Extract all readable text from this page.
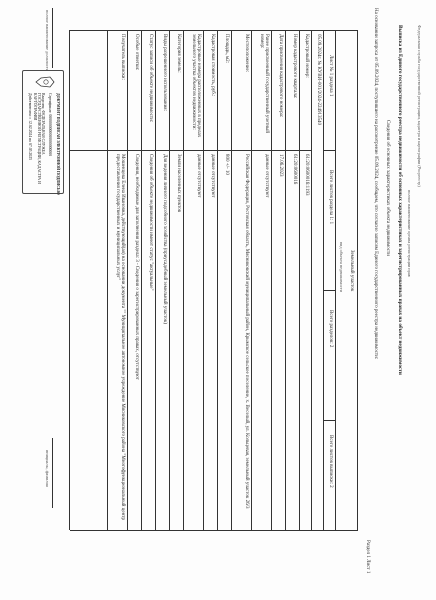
Федеральная служба государственной регистрации, кадастра и картографии (Росреестр)
полное наименование органа регистрации прав
Выписка из Единого государственного реестра недвижимости об основных характеристиках и зарегистрированных правах на объект недвижимости
Сведения об основных характеристиках объекта недвижимости
На основании запроса от 05.09.2024, поступившего на рассмотрение 05.09.2024, сообщаем, что согласно записям Единого государственного реестра недвижимости:
Раздел 1 Лист 1
Земельный участок
вид объекта недвижимости
Лист № 1 раздела 1
Всего листов раздела 1: 1
Всего разделов: 2
Всего листов выписки: 2
05.09.2024г. № КУВИ-001/2024-224913540
Кадастровый номер:
61:20:0600016:1193
полное наименование должности
ДОКУМЕНТ ПОДПИСАН ЭЛЕКТРОННОЙ ПОДПИСЬЮ
Сертификат: 0000000000000000000000
Владелец: ФЕДЕРАЛЬНАЯ СЛУЖБА ГОСУДАРСТВЕННОЙ РЕГИСТРАЦИИ, КАДАСТРА И КАРТОГРАФИИ
Действителен: с 12.02.2024 по 07.05.2025
инициалы, фамилия
Номер кадастрового квартала:
61:20:0600016
Дата присвоения кадастрового номера:
17.06.2023
Ранее присвоенный государственный учетный номер:
данные отсутствуют
Местоположение:
Российская Федерация, Ростовская область, Мясниковский муниципальный район, Крымское сельское поселение, х. Веселый, ул. Кольцевая, земельный участок 26/3
Площадь, м2:
800 +/- 10
Кадастровая стоимость, руб.:
данные отсутствуют
Кадастровые номера расположенных в пределах земельного участка объектов недвижимости:
данные отсутствуют
Категория земель:
Земли населенных пунктов
Виды разрешенного использования:
Для ведения личного подсобного хозяйства (приусадебный земельный участок)
Статус записи об объекте недвижимости:
Сведения об объекте недвижимости имеют статус "актуальные"
Особые отметки:
Сведения, необходимые для заполнения раздела: 3 - Сведения о зарегистрированных правах, отсутствуют
Получатель выписки:
Мошенцева Елена Ивановна, действующий(ая) на основании документа "" Муниципальное автономное учреждение Мясниковского района "Многофункциональный центр предоставления государственных и муниципальных услуг"
